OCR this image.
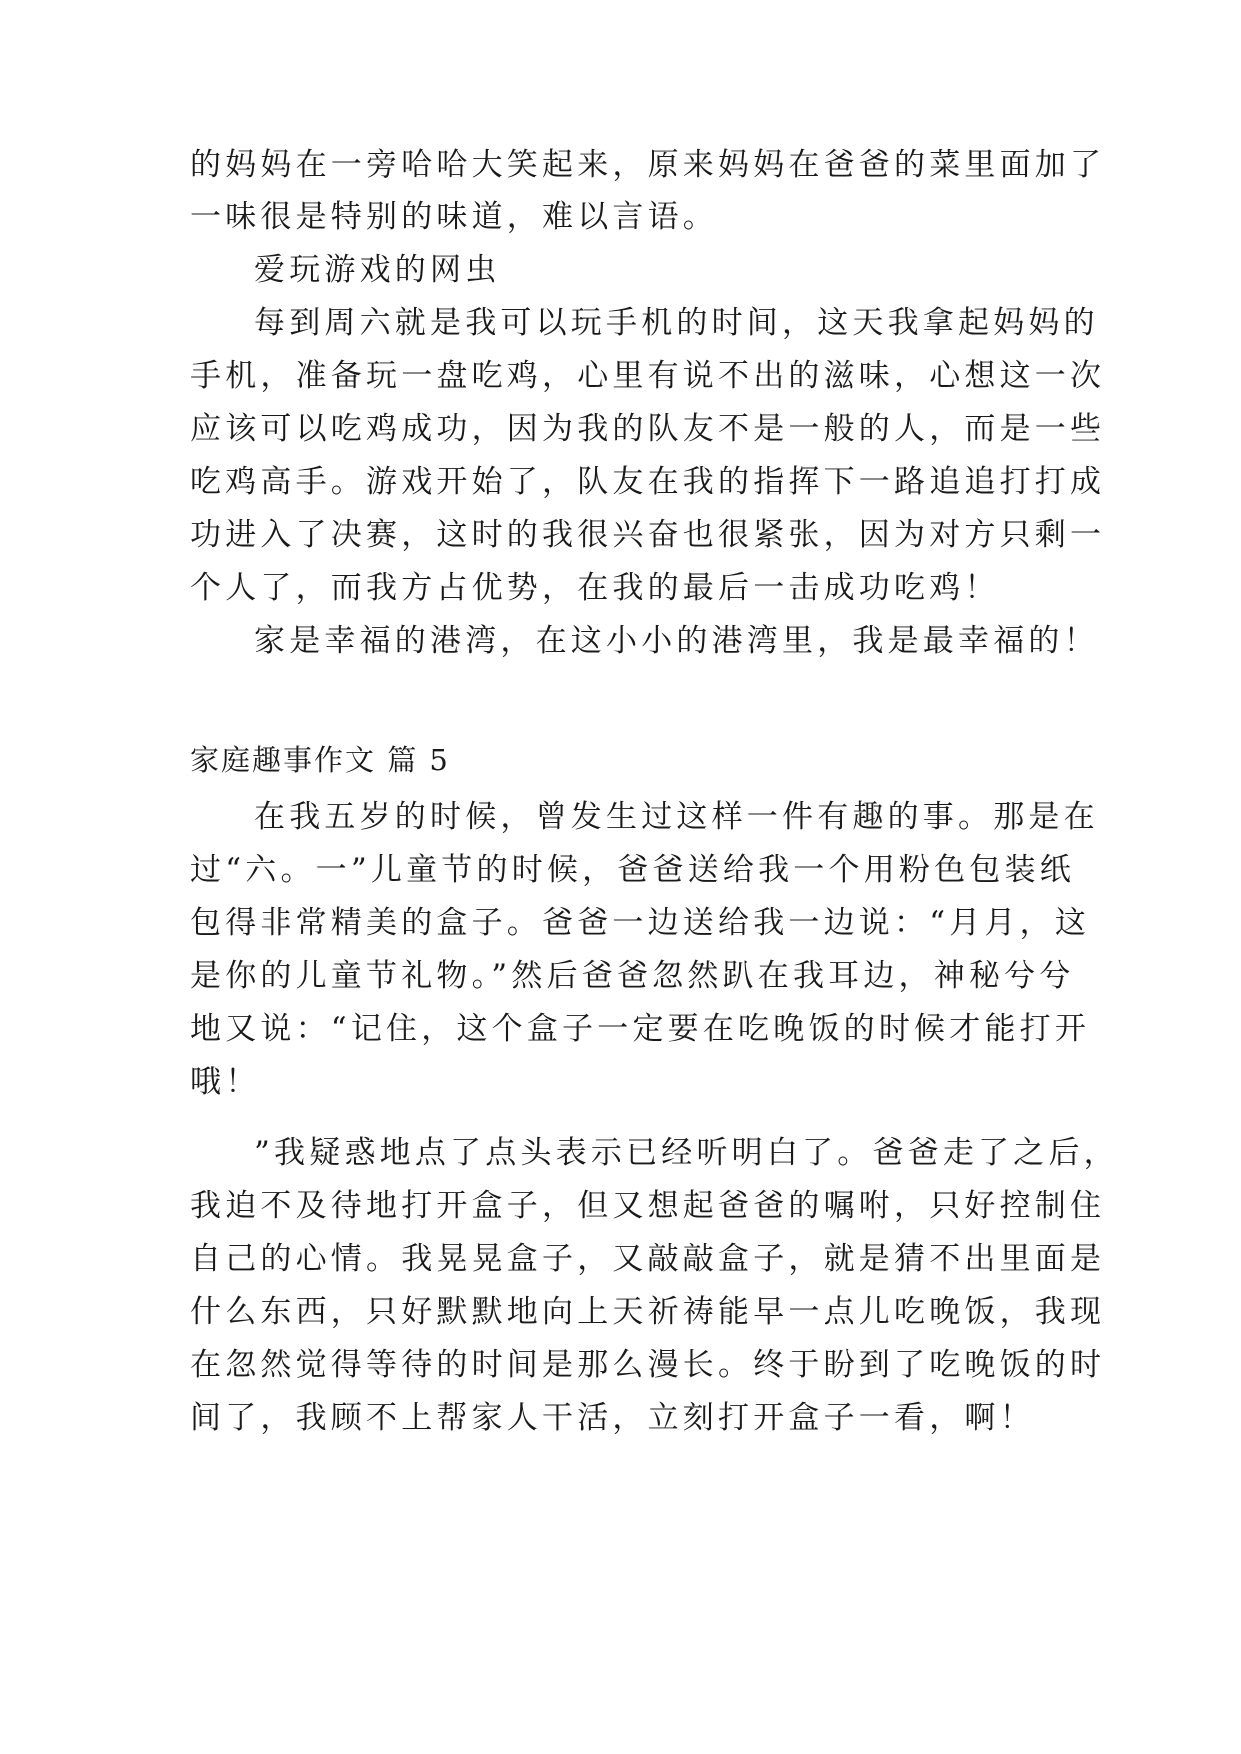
的妈妈在一旁哈哈大笑起来，原来妈妈在爸爸的菜里面加了
一味很是特别的味道，难以言语。
爱玩游戏的网虫
每到周六就是我可以玩手机的时间，这天我拿起妈妈的
手机，准备玩一盘吃鸡，心里有说不出的滋味，心想这一次
应该可以吃鸡成功，因为我的队友不是一般的人，而是一些
吃鸡高手。游戏开始了，队友在我的指挥下一路追追打打成
功进入了决赛，这时的我很兴奋也很紧张，因为对方只剩一
个人了，而我方占优势，在我的最后一击成功吃鸡！
家是幸福的港湾，在这小小的港湾里，我是最幸福的！
家庭趣事作文 篇 5
在我五岁的时候，曾发生过这样一件有趣的事。那是在
过“六。一”儿童节的时候，爸爸送给我一个用粉色包装纸
包得非常精美的盒子。爸爸一边送给我一边说：“月月，这
是你的儿童节礼物。”然后爸爸忽然趴在我耳边，神秘兮兮
地又说：“记住，这个盒子一定要在吃晚饭的时候才能打开
哦！
”我疑惑地点了点头表示已经听明白了。爸爸走了之后，
我迫不及待地打开盒子，但又想起爸爸的嘱咐，只好控制住
自己的心情。我晃晃盒子，又敲敲盒子，就是猜不出里面是
什么东西，只好默默地向上天祈祷能早一点儿吃晚饭，我现
在忽然觉得等待的时间是那么漫长。终于盼到了吃晚饭的时
间了，我顾不上帮家人干活，立刻打开盒子一看，啊！
